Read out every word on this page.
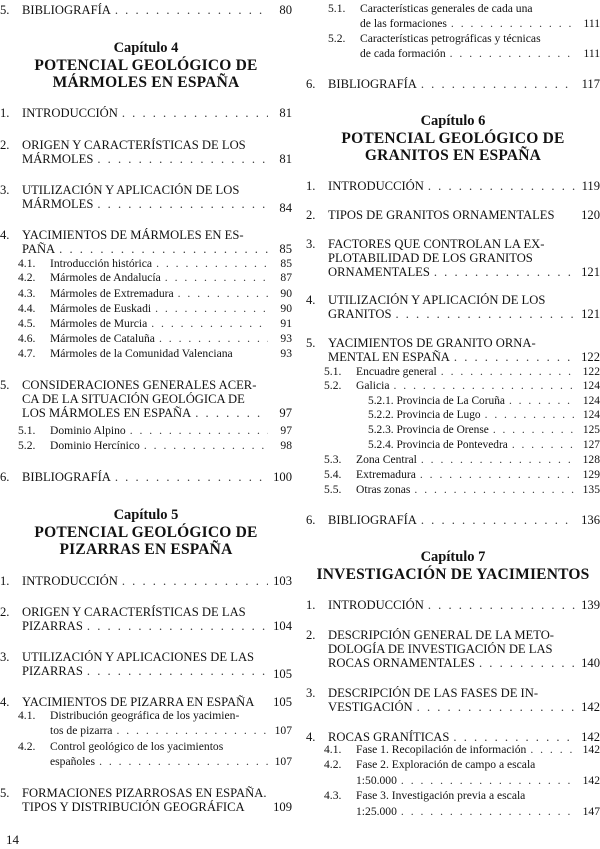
5. BIBLIOGRAFÍA . . .	80
Capítulo 4
POTENCIAL GEOLÓGICO DE
MÁRMOLES EN ESPAÑA
1. INTRODUCCIÓN . . .	81
2. ORIGEN Y CARACTERÍSTICAS DE LOS
MÁRMOLES . . .	81
3. UTILIZACIÓN Y APLICACIÓN DE LOS
MÁRMOLES . . .	84
4. YACIMIENTOS DE MÁRMOLES EN ES-
PAÑA . . .	85
4.1. Introducción histórica . . .	85
4.2. Mármoles de Andalucía . . .	87
4.3. Mármoles de Extremadura . . .	90
4.4. Mármoles de Euskadi . . .	90
4.5. Mármoles de Murcia . . .	91
4.6. Mármoles de Cataluña . . .	93
4.7. Mármoles de la Comunidad Valenciana	93
5. CONSIDERACIONES GENERALES ACER-
CA DE LA SITUACIÓN GEOLÓGICA DE
LOS MÁRMOLES EN ESPAÑA . . .	97
5.1. Dominio Alpino . . .	97
5.2. Dominio Hercínico . . .	98
6. BIBLIOGRAFÍA . . .	100
Capítulo 5
POTENCIAL GEOLÓGICO DE
PIZARRAS EN ESPAÑA
1. INTRODUCCIÓN . . .	103
2. ORIGEN Y CARACTERÍSTICAS DE LAS
PIZARRAS . . .	104
3. UTILIZACIÓN Y APLICACIONES DE LAS
PIZARRAS . . .	105
4. YACIMIENTOS DE PIZARRA EN ESPAÑA	105
4.1. Distribución geográfica de los yacimien-
tos de pizarra . . .	107
4.2. Control geológico de los yacimientos
españoles . . .	107
5. FORMACIONES PIZARROSAS EN ESPAÑA.
TIPOS Y DISTRIBUCIÓN GEOGRÁFICA	109
14
5.1. Características generales de cada una
de las formaciones . . .	111
5.2. Características petrográficas y técnicas
de cada formación . . .	111
6. BIBLIOGRAFÍA . . .	117
Capítulo 6
POTENCIAL GEOLÓGICO DE
GRANITOS EN ESPAÑA
1. INTRODUCCIÓN . . .	119
2. TIPOS DE GRANITOS ORNAMENTALES	120
3. FACTORES QUE CONTROLAN LA EX-
PLOTABILIDAD DE LOS GRANITOS
ORNAMENTALES . . .	121
4. UTILIZACIÓN Y APLICACIÓN DE LOS
GRANITOS . . .	121
5. YACIMIENTOS DE GRANITO ORNA-
MENTAL EN ESPAÑA . . .	122
5.1. Encuadre general . . .	122
5.2. Galicia . . .	124
5.2.1. Provincia de La Coruña . . .	124
5.2.2. Provincia de Lugo . . .	124
5.2.3. Provincia de Orense . . .	125
5.2.4. Provincia de Pontevedra . . .	127
5.3. Zona Central . . .	128
5.4. Extremadura . . .	129
5.5. Otras zonas . . .	135
6. BIBLIOGRAFÍA . . .	136
Capítulo 7
INVESTIGACIÓN DE YACIMIENTOS
1. INTRODUCCIÓN . . .	139
2. DESCRIPCIÓN GENERAL DE LA METO-
DOLOGÍA DE INVESTIGACIÓN DE LAS
ROCAS ORNAMENTALES . . .	140
3. DESCRIPCIÓN DE LAS FASES DE IN-
VESTIGACIÓN . . .	142
4. ROCAS GRANÍTICAS . . .	142
4.1. Fase 1. Recopilación de información . . .	142
4.2. Fase 2. Exploración de campo a escala
1:50.000 . . .	142
4.3. Fase 3. Investigación previa a escala
1:25.000 . . .	147
